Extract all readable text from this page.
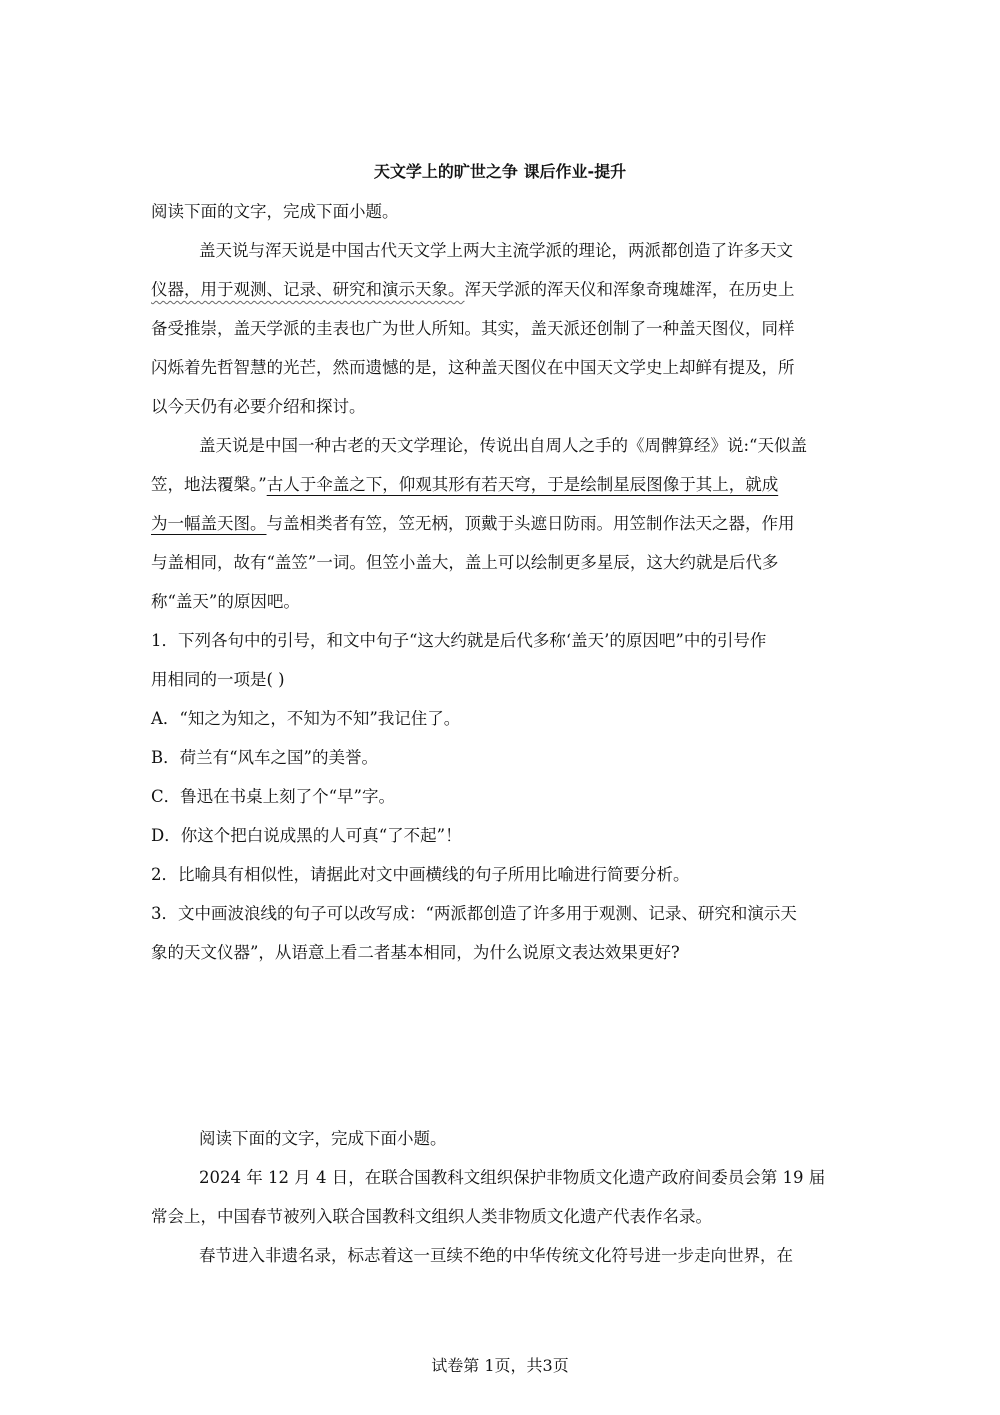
天文学上的旷世之争 课后作业-提升
阅读下面的文字，完成下面小题。
盖天说与浑天说是中国古代天文学上两大主流学派的理论，两派都创造了许多天文
仪器，用于观测、记录、研究和演示天象。浑天学派的浑天仪和浑象奇瑰雄浑，在历史上
备受推崇，盖天学派的圭表也广为世人所知。其实，盖天派还创制了一种盖天图仪，同样
闪烁着先哲智慧的光芒，然而遗憾的是，这种盖天图仪在中国天文学史上却鲜有提及，所
以今天仍有必要介绍和探讨。
盖天说是中国一种古老的天文学理论，传说出自周人之手的《周髀算经》说:“天似盖
笠，地法覆槃。”古人于伞盖之下，仰观其形有若天穹，于是绘制星辰图像于其上，就成
为一幅盖天图。与盖相类者有笠，笠无柄，顶戴于头遮日防雨。用笠制作法天之器，作用
与盖相同，故有“盖笠”一词。但笠小盖大，盖上可以绘制更多星辰，这大约就是后代多
称“盖天”的原因吧。
1．下列各句中的引号，和文中句子“这大约就是后代多称‘盖天’的原因吧”中的引号作
用相同的一项是( )
A．“知之为知之，不知为不知”我记住了。
B．荷兰有“风车之国”的美誉。
C．鲁迅在书桌上刻了个“早”字。
D．你这个把白说成黑的人可真“了不起”！
2．比喻具有相似性，请据此对文中画横线的句子所用比喻进行简要分析。
3．文中画波浪线的句子可以改写成：“两派都创造了许多用于观测、记录、研究和演示天
象的天文仪器”，从语意上看二者基本相同，为什么说原文表达效果更好?
阅读下面的文字，完成下面小题。
2024 年 12 月 4 日，在联合国教科文组织保护非物质文化遗产政府间委员会第 19 届
常会上，中国春节被列入联合国教科文组织人类非物质文化遗产代表作名录。
春节进入非遗名录，标志着这一亘续不绝的中华传统文化符号进一步走向世界，在
试卷第 1页，共3页
